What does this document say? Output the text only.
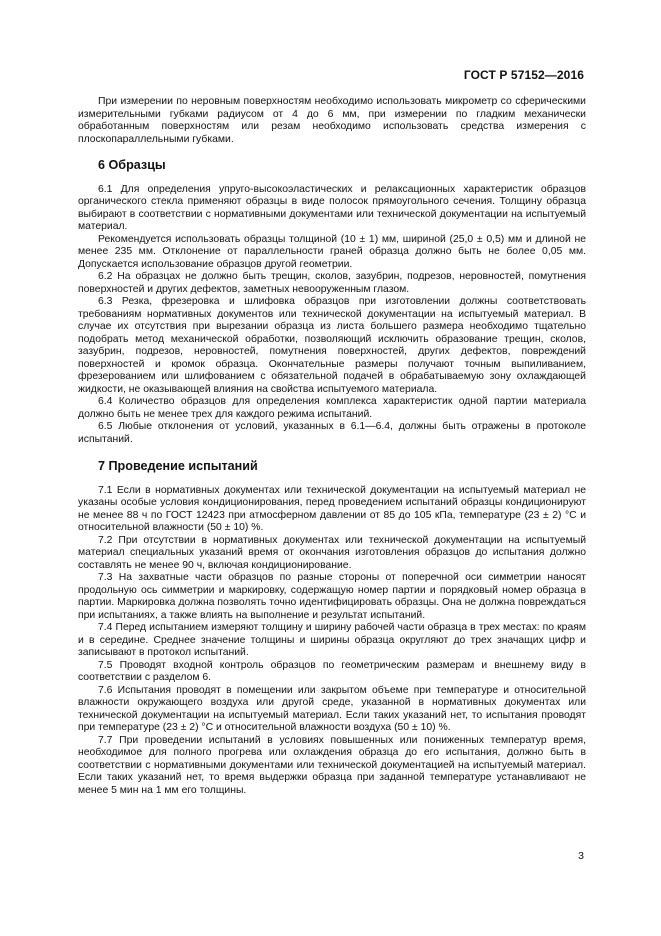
ГОСТ Р 57152—2016

При измерении по неровным поверхностям необходимо использовать микрометр со сферическими измерительными губками радиусом от 4 до 6 мм, при измерении по гладким механически обработанным поверхностям или резам необходимо использовать средства измерения с плоскопараллельными губками.

6 Образцы

6.1 Для определения упруго-высокоэластических и релаксационных характеристик образцов органического стекла применяют образцы в виде полосок прямоугольного сечения. Толщину образца выбирают в соответствии с нормативными документами или технической документации на испытуемый материал.

Рекомендуется использовать образцы толщиной (10 ± 1) мм, шириной (25,0 ± 0,5) мм и длиной не менее 235 мм. Отклонение от параллельности граней образца должно быть не более 0,05 мм. Допускается использование образцов другой геометрии.

6.2 На образцах не должно быть трещин, сколов, зазубрин, подрезов, неровностей, помутнения поверхностей и других дефектов, заметных невооруженным глазом.

6.3 Резка, фрезеровка и шлифовка образцов при изготовлении должны соответствовать требованиям нормативных документов или технической документации на испытуемый материал. В случае их отсутствия при вырезании образца из листа большего размера необходимо тщательно подобрать метод механической обработки, позволяющий исключить образование трещин, сколов, зазубрин, подрезов, неровностей, помутнения поверхностей, других дефектов, повреждений поверхностей и кромок образца. Окончательные размеры получают точным выпиливанием, фрезерованием или шлифованием с обязательной подачей в обрабатываемую зону охлаждающей жидкости, не оказывающей влияния на свойства испытуемого материала.

6.4 Количество образцов для определения комплекса характеристик одной партии материала должно быть не менее трех для каждого режима испытаний.

6.5 Любые отклонения от условий, указанных в 6.1—6.4, должны быть отражены в протоколе испытаний.

7 Проведение испытаний

7.1 Если в нормативных документах или технической документации на испытуемый материал не указаны особые условия кондиционирования, перед проведением испытаний образцы кондиционируют не менее 88 ч по ГОСТ 12423 при атмосферном давлении от 85 до 105 кПа, температуре (23 ± 2) °С и относительной влажности (50 ± 10) %.

7.2 При отсутствии в нормативных документах или технической документации на испытуемый материал специальных указаний время от окончания изготовления образцов до испытания должно составлять не менее 90 ч, включая кондиционирование.

7.3 На захватные части образцов по разные стороны от поперечной оси симметрии наносят продольную ось симметрии и маркировку, содержащую номер партии и порядковый номер образца в партии. Маркировка должна позволять точно идентифицировать образцы. Она не должна повреждаться при испытаниях, а также влиять на выполнение и результат испытаний.

7.4 Перед испытанием измеряют толщину и ширину рабочей части образца в трех местах: по краям и в середине. Среднее значение толщины и ширины образца округляют до трех значащих цифр и записывают в протокол испытаний.

7.5 Проводят входной контроль образцов по геометрическим размерам и внешнему виду в соответствии с разделом 6.

7.6 Испытания проводят в помещении или закрытом объеме при температуре и относительной влажности окружающего воздуха или другой среде, указанной в нормативных документах или технической документации на испытуемый материал. Если таких указаний нет, то испытания проводят при температуре (23 ± 2) °С и относительной влажности воздуха (50 ± 10) %.

7.7 При проведении испытаний в условиях повышенных или пониженных температур время, необходимое для полного прогрева или охлаждения образца до его испытания, должно быть в соответствии с нормативными документами или технической документацией на испытуемый материал. Если таких указаний нет, то время выдержки образца при заданной температуре устанавливают не менее 5 мин на 1 мм его толщины.

3
